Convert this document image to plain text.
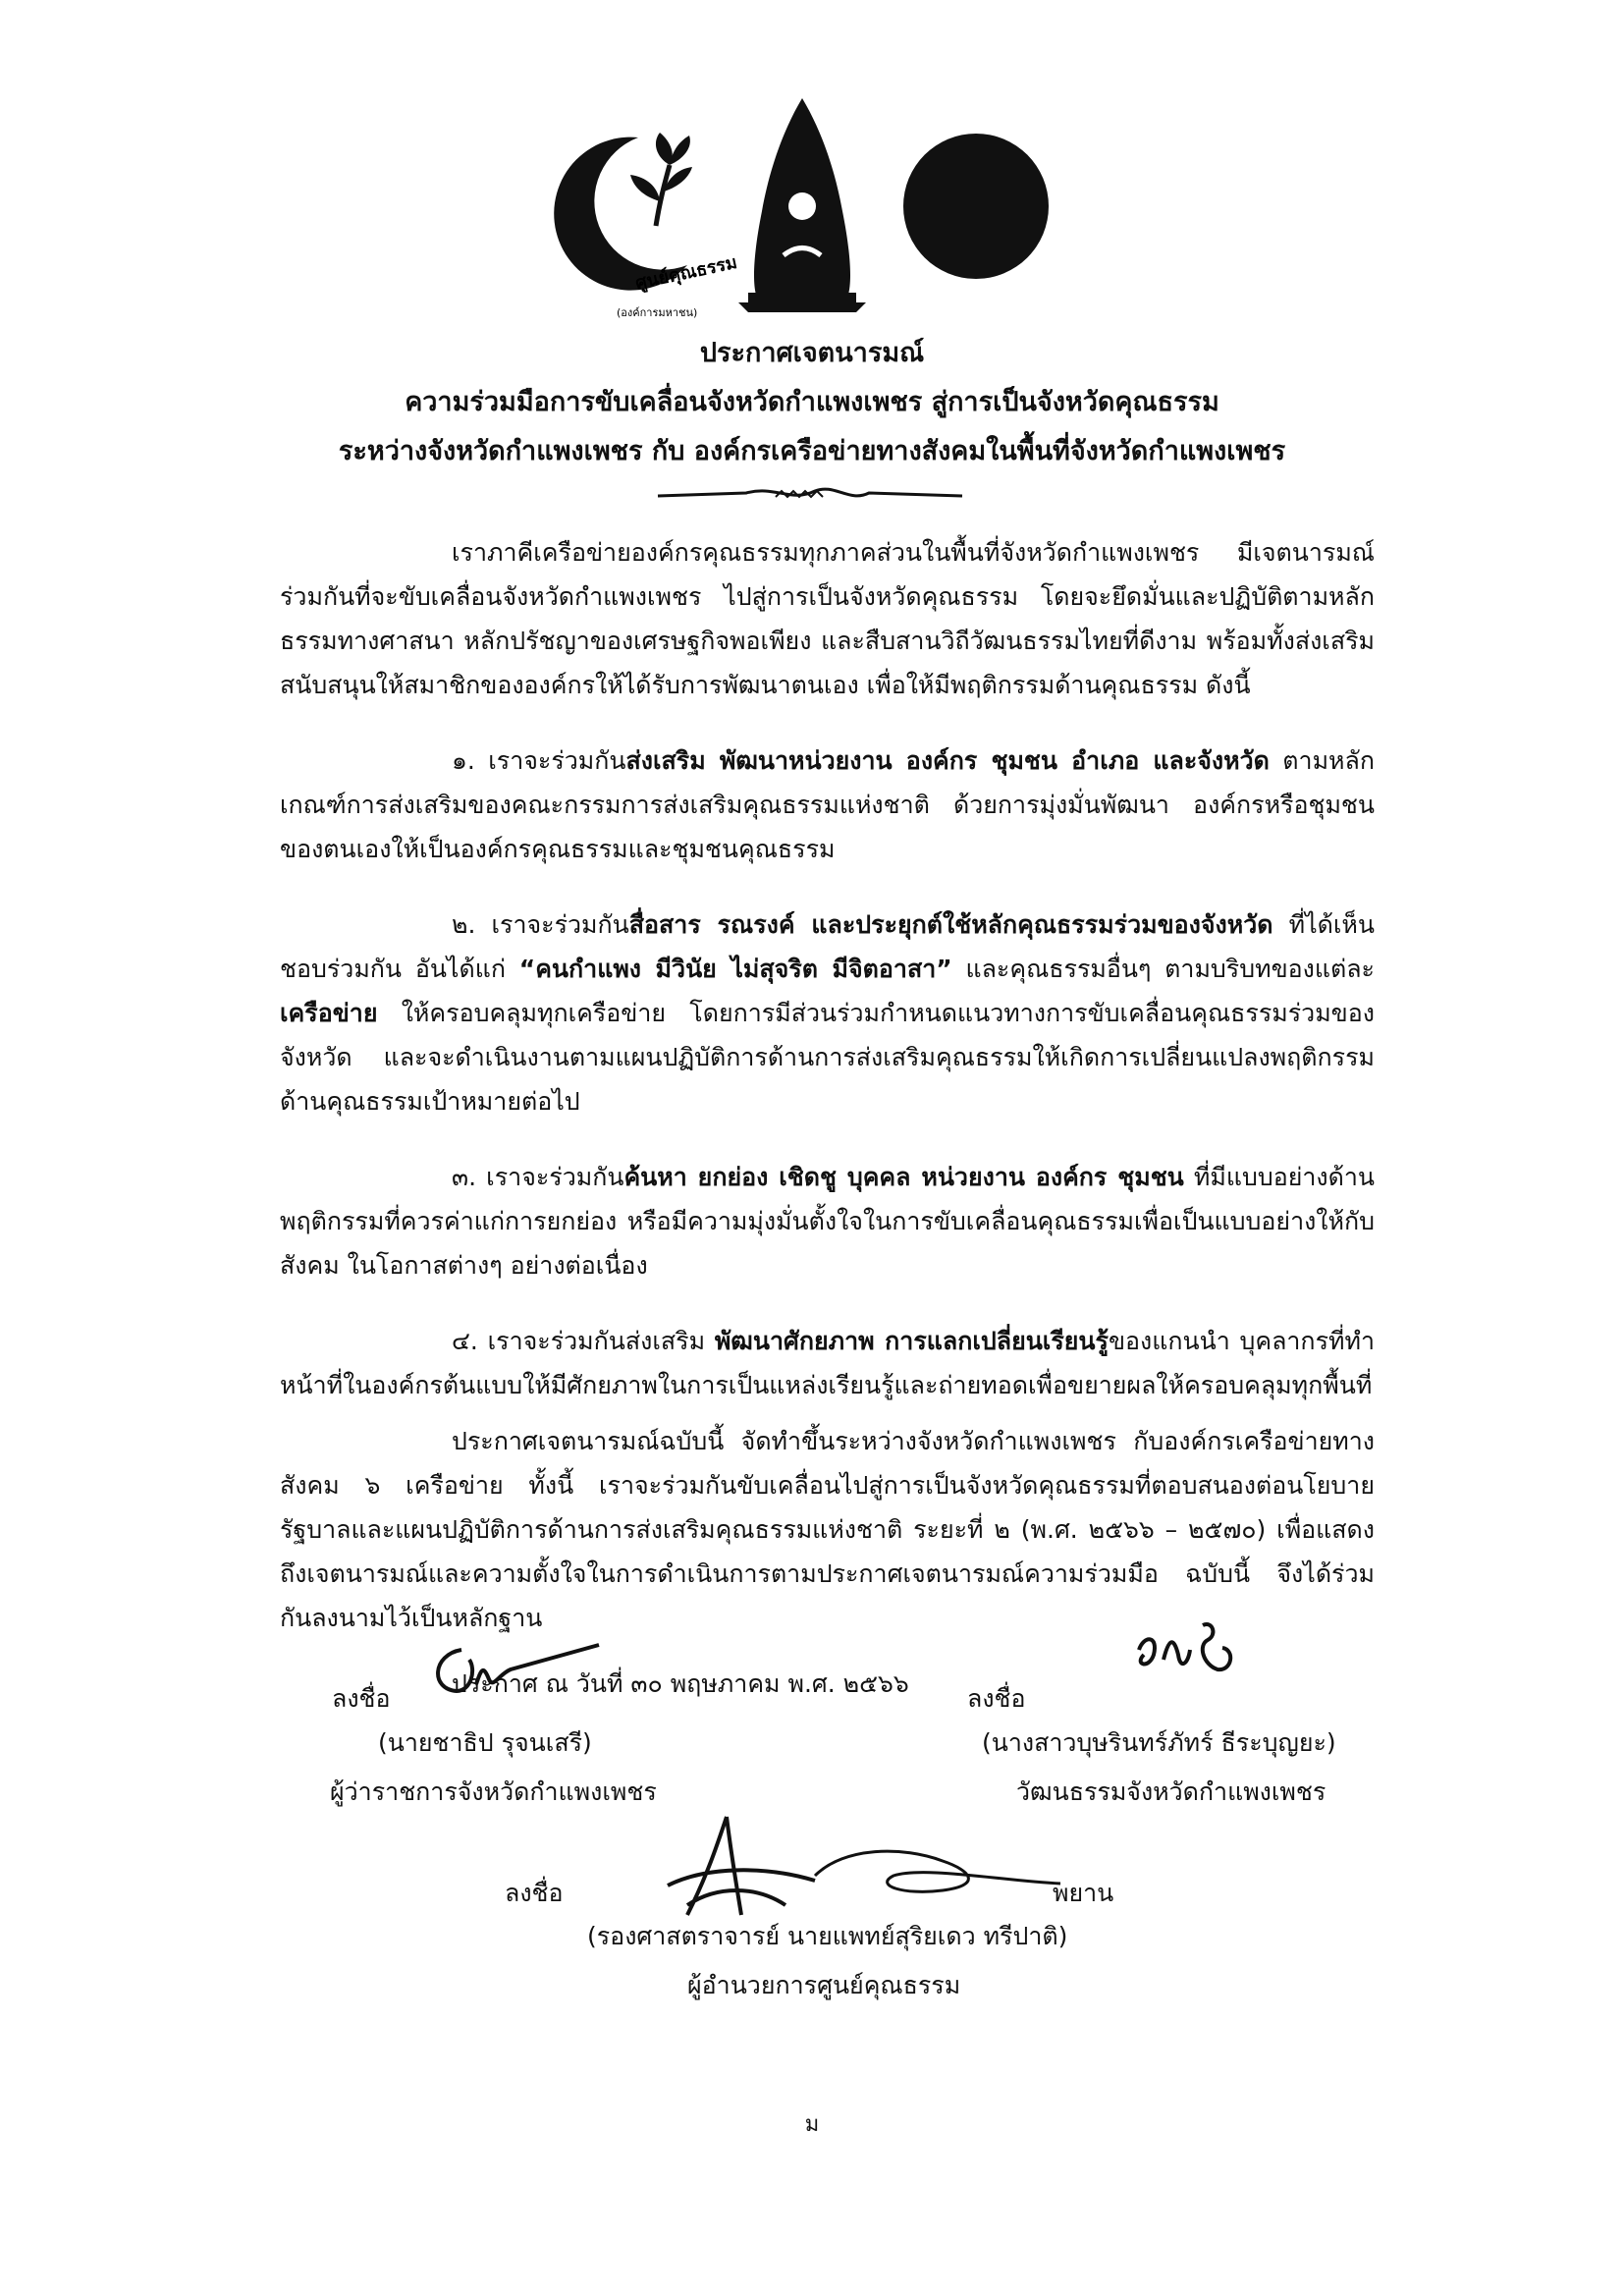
ศูนย์คุณธรรม
(องค์การมหาชน)
ประกาศเจตนารมณ์
ความร่วมมือการขับเคลื่อนจังหวัดกำแพงเพชร สู่การเป็นจังหวัดคุณธรรม
ระหว่างจังหวัดกำแพงเพชร กับ องค์กรเครือข่ายทางสังคมในพื้นที่จังหวัดกำแพงเพชร

เราภาคีเครือข่ายองค์กรคุณธรรมทุกภาคส่วนในพื้นที่จังหวัดกำแพงเพชร มีเจตนารมณ์ร่วมกันที่จะขับเคลื่อนจังหวัดกำแพงเพชร ไปสู่การเป็นจังหวัดคุณธรรม โดยจะยึดมั่นและปฏิบัติตามหลักธรรมทางศาสนา หลักปรัชญาของเศรษฐกิจพอเพียง และสืบสานวิถีวัฒนธรรมไทยที่ดีงาม พร้อมทั้งส่งเสริมสนับสนุนให้สมาชิกขององค์กรให้ได้รับการพัฒนาตนเอง เพื่อให้มีพฤติกรรมด้านคุณธรรม ดังนี้

๑. เราจะร่วมกันส่งเสริม พัฒนาหน่วยงาน องค์กร ชุมชน อำเภอ และจังหวัด ตามหลักเกณฑ์การส่งเสริมของคณะกรรมการส่งเสริมคุณธรรมแห่งชาติ ด้วยการมุ่งมั่นพัฒนา องค์กรหรือชุมชนของตนเองให้เป็นองค์กรคุณธรรมและชุมชนคุณธรรม

๒. เราจะร่วมกันสื่อสาร รณรงค์ และประยุกต์ใช้หลักคุณธรรมร่วมของจังหวัด ที่ได้เห็นชอบร่วมกัน อันได้แก่ “คนกำแพง มีวินัย ไม่สุจริต มีจิตอาสา” และคุณธรรมอื่นๆ ตามบริบทของแต่ละเครือข่าย ให้ครอบคลุมทุกเครือข่าย โดยการมีส่วนร่วมกำหนดแนวทางการขับเคลื่อนคุณธรรมร่วมของจังหวัด และจะดำเนินงานตามแผนปฏิบัติการด้านการส่งเสริมคุณธรรมให้เกิดการเปลี่ยนแปลงพฤติกรรมด้านคุณธรรมเป้าหมายต่อไป

๓. เราจะร่วมกันค้นหา ยกย่อง เชิดชู บุคคล หน่วยงาน องค์กร ชุมชน ที่มีแบบอย่างด้านพฤติกรรมที่ควรค่าแก่การยกย่อง หรือมีความมุ่งมั่นตั้งใจในการขับเคลื่อนคุณธรรมเพื่อเป็นแบบอย่างให้กับสังคม ในโอกาสต่างๆ อย่างต่อเนื่อง

๔. เราจะร่วมกันส่งเสริม พัฒนาศักยภาพ การแลกเปลี่ยนเรียนรู้ของแกนนำ บุคลากรที่ทำหน้าที่ในองค์กรต้นแบบให้มีศักยภาพในการเป็นแหล่งเรียนรู้และถ่ายทอดเพื่อขยายผลให้ครอบคลุมทุกพื้นที่

ประกาศเจตนารมณ์ฉบับนี้ จัดทำขึ้นระหว่างจังหวัดกำแพงเพชร กับองค์กรเครือข่ายทางสังคม ๖ เครือข่าย ทั้งนี้ เราจะร่วมกันขับเคลื่อนไปสู่การเป็นจังหวัดคุณธรรมที่ตอบสนองต่อนโยบายรัฐบาลและแผนปฏิบัติการด้านการส่งเสริมคุณธรรมแห่งชาติ ระยะที่ ๒ (พ.ศ. ๒๕๖๖ – ๒๕๗๐) เพื่อแสดงถึงเจตนารมณ์และความตั้งใจในการดำเนินการตามประกาศเจตนารมณ์ความร่วมมือ ฉบับนี้ จึงได้ร่วมกันลงนามไว้เป็นหลักฐาน

ประกาศ ณ วันที่ ๓๐ พฤษภาคม พ.ศ. ๒๕๖๖

ลงชื่อ
(นายชาธิป รุจนเสรี)
ผู้ว่าราชการจังหวัดกำแพงเพชร
ลงชื่อ
(นางสาวบุษรินทร์ภัทร์ ธีระบุญยะ)
วัฒนธรรมจังหวัดกำแพงเพชร
ลงชื่อ	พยาน
(รองศาสตราจารย์ นายแพทย์สุริยเดว ทรีปาติ)
ผู้อำนวยการศูนย์คุณธรรม
ม
